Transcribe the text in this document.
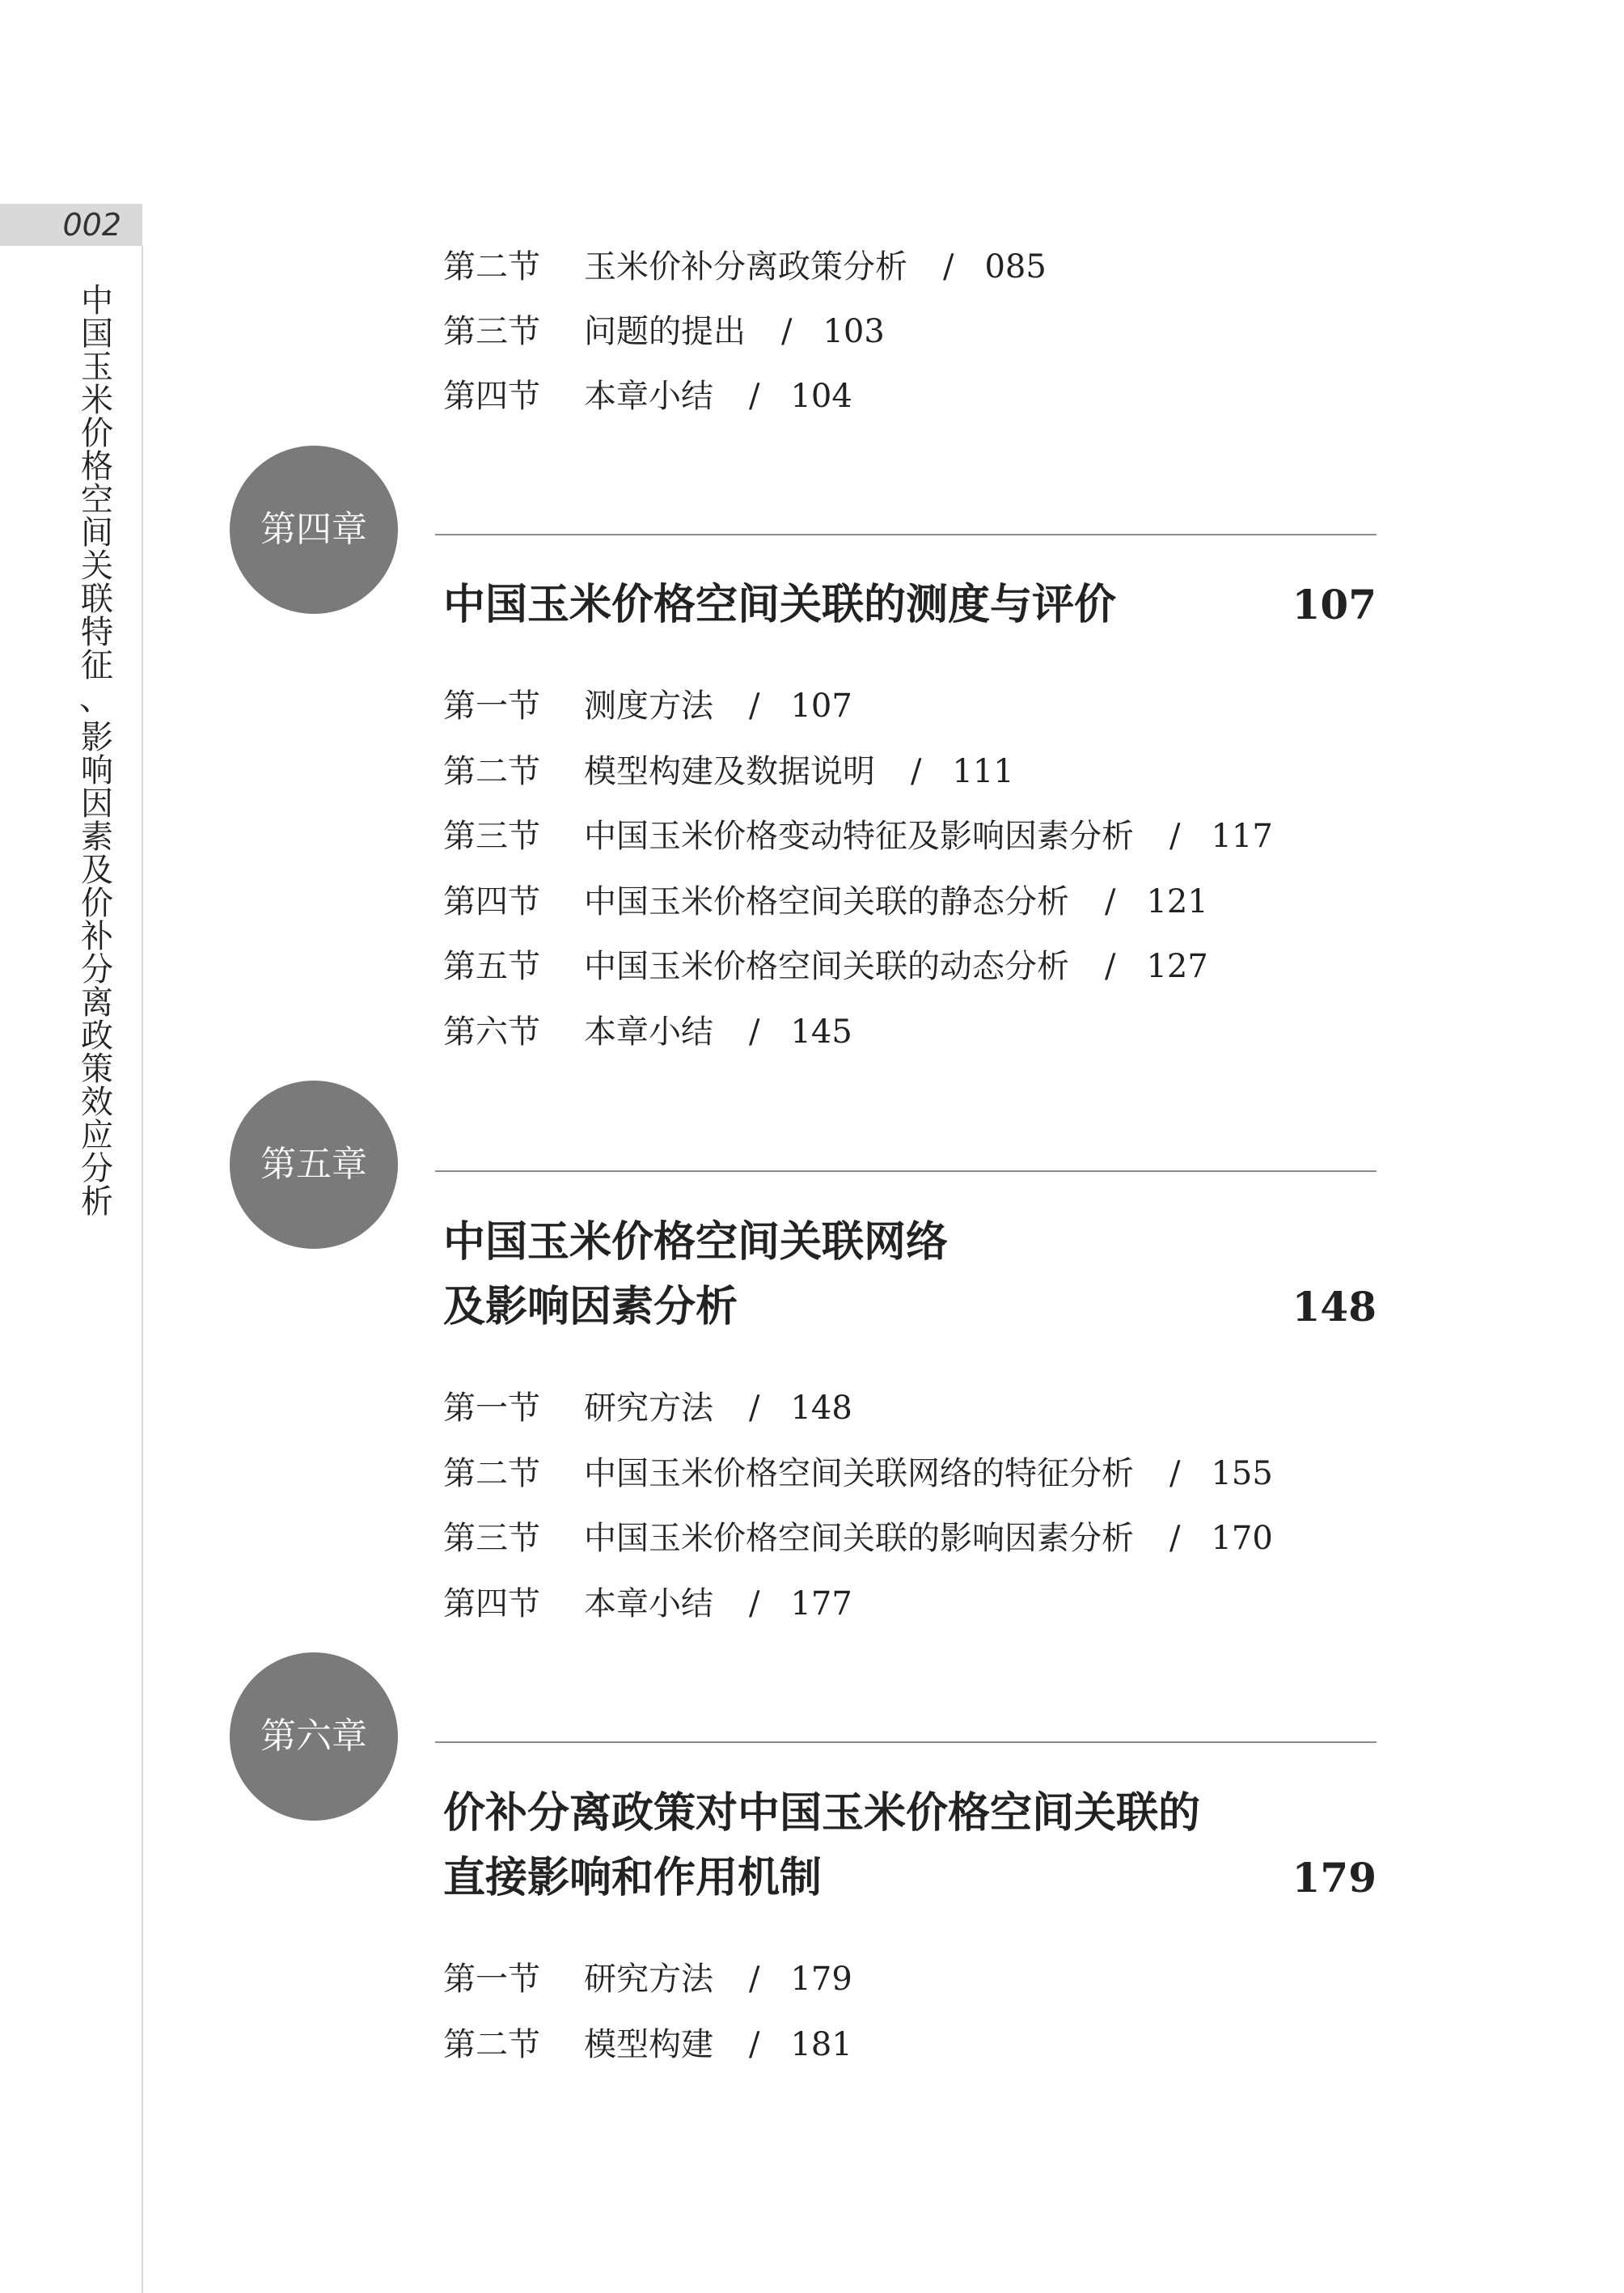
002
中
国
玉
米
价
格
空
间
关
联
特
征
、
影
响
因
素
及
价
补
分
离
政
策
效
应
分
析
第二节 玉米价补分离政策分析 / 085
第三节 问题的提出 / 103
第四节 本章小结 / 104
第四章
中国玉米价格空间关联的测度与评价	107
第一节 测度方法 / 107
第二节 模型构建及数据说明 / 111
第三节 中国玉米价格变动特征及影响因素分析 / 117
第四节 中国玉米价格空间关联的静态分析 / 121
第五节 中国玉米价格空间关联的动态分析 / 127
第六节 本章小结 / 145
第五章
中国玉米价格空间关联网络
及影响因素分析	148
第一节 研究方法 / 148
第二节 中国玉米价格空间关联网络的特征分析 / 155
第三节 中国玉米价格空间关联的影响因素分析 / 170
第四节 本章小结 / 177
第六章
价补分离政策对中国玉米价格空间关联的
直接影响和作用机制	179
第一节 研究方法 / 179
第二节 模型构建 / 181
